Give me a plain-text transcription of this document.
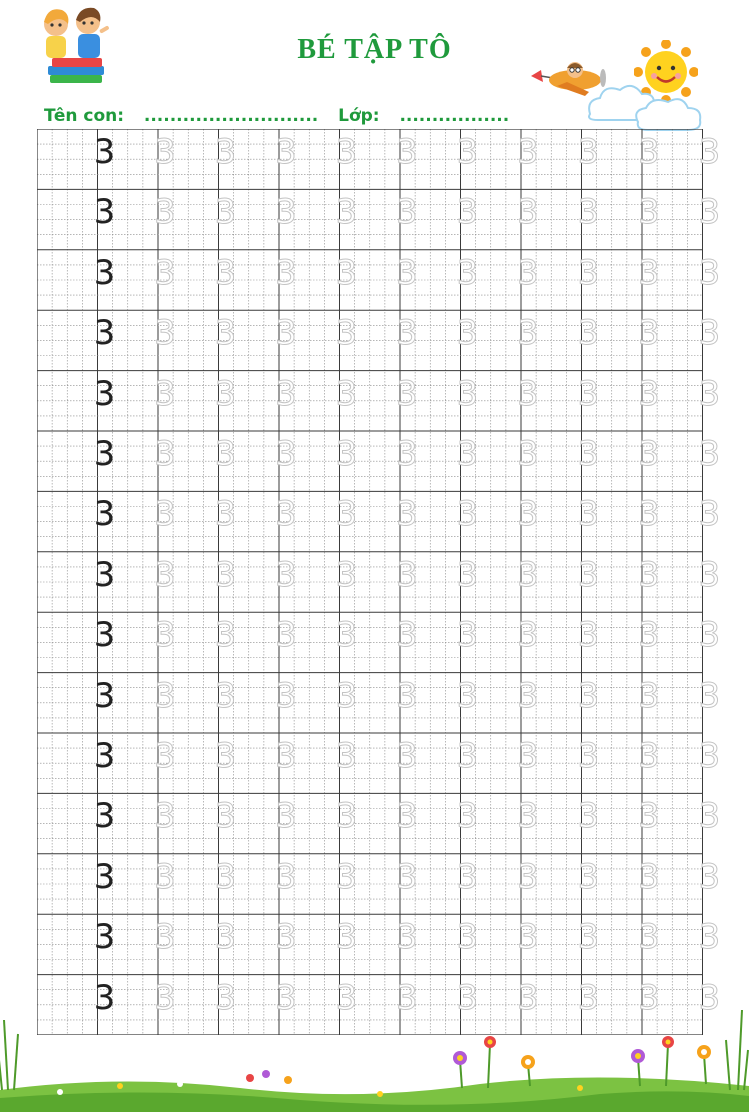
BÉ TẬP TÔ
Tên con: ........................... Lớp: .................
3 3 3 3 3 3 3 3 3 3 3
3 3 3 3 3 3 3 3 3 3 3
3 3 3 3 3 3 3 3 3 3 3
3 3 3 3 3 3 3 3 3 3 3
3 3 3 3 3 3 3 3 3 3 3
3 3 3 3 3 3 3 3 3 3 3
3 3 3 3 3 3 3 3 3 3 3
3 3 3 3 3 3 3 3 3 3 3
3 3 3 3 3 3 3 3 3 3 3
3 3 3 3 3 3 3 3 3 3 3
3 3 3 3 3 3 3 3 3 3 3
3 3 3 3 3 3 3 3 3 3 3
3 3 3 3 3 3 3 3 3 3 3
3 3 3 3 3 3 3 3 3 3 3
3 3 3 3 3 3 3 3 3 3 3
